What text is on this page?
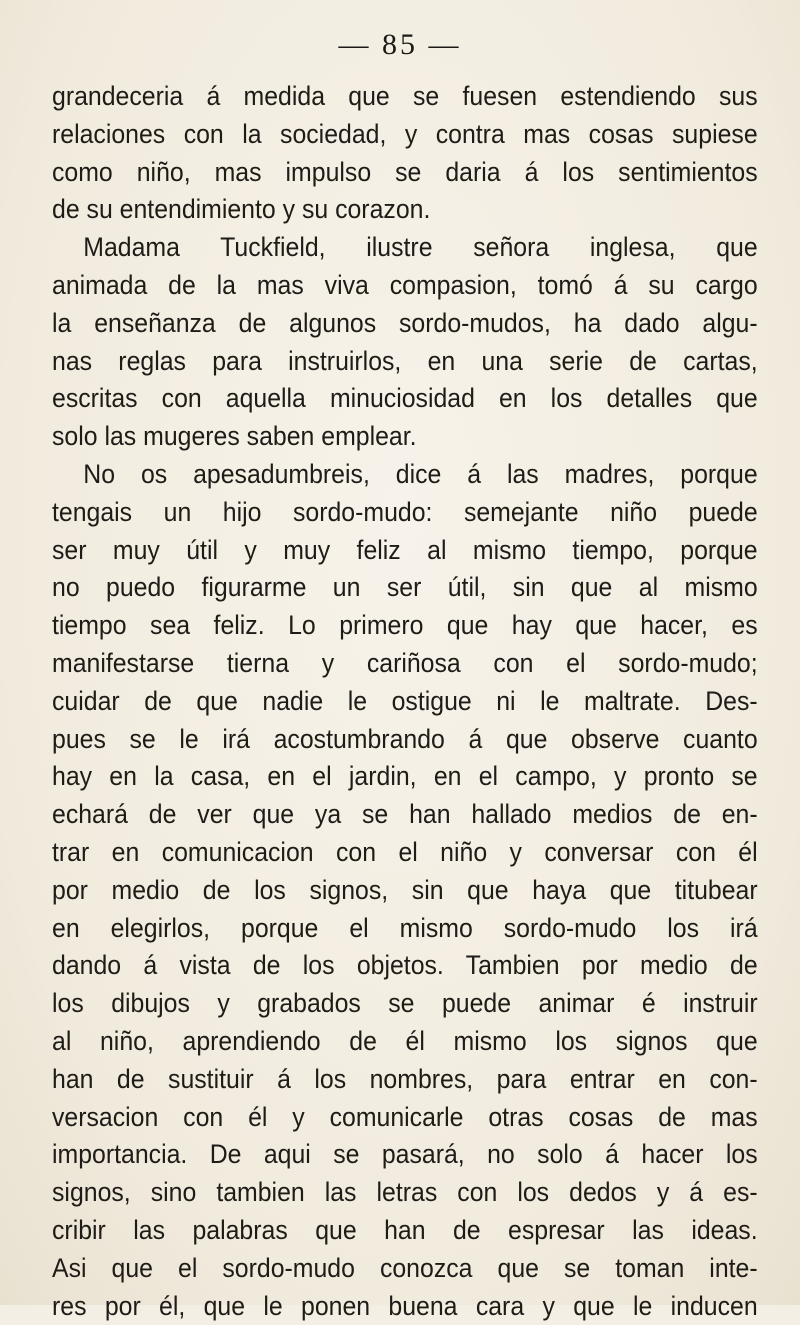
— 85 —
grandeceria á medida que se fuesen estendiendo sus
relaciones con la sociedad, y contra mas cosas supiese
como niño, mas impulso se daria á los sentimientos
de su entendimiento y su corazon.
Madama Tuckfield, ilustre señora inglesa, que
animada de la mas viva compasion, tomó á su cargo
la enseñanza de algunos sordo-mudos, ha dado algu-
nas reglas para instruirlos, en una serie de cartas,
escritas con aquella minuciosidad en los detalles que
solo las mugeres saben emplear.
No os apesadumbreis, dice á las madres, porque
tengais un hijo sordo-mudo: semejante niño puede
ser muy útil y muy feliz al mismo tiempo, porque
no puedo figurarme un ser útil, sin que al mismo
tiempo sea feliz. Lo primero que hay que hacer, es
manifestarse tierna y cariñosa con el sordo-mudo;
cuidar de que nadie le ostigue ni le maltrate. Des-
pues se le irá acostumbrando á que observe cuanto
hay en la casa, en el jardin, en el campo, y pronto se
echará de ver que ya se han hallado medios de en-
trar en comunicacion con el niño y conversar con él
por medio de los signos, sin que haya que titubear
en elegirlos, porque el mismo sordo-mudo los irá
dando á vista de los objetos. Tambien por medio de
los dibujos y grabados se puede animar é instruir
al niño, aprendiendo de él mismo los signos que
han de sustituir á los nombres, para entrar en con-
versacion con él y comunicarle otras cosas de mas
importancia. De aqui se pasará, no solo á hacer los
signos, sino tambien las letras con los dedos y á es-
cribir las palabras que han de espresar las ideas.
Asi que el sordo-mudo conozca que se toman inte-
res por él, que le ponen buena cara y que le inducen
